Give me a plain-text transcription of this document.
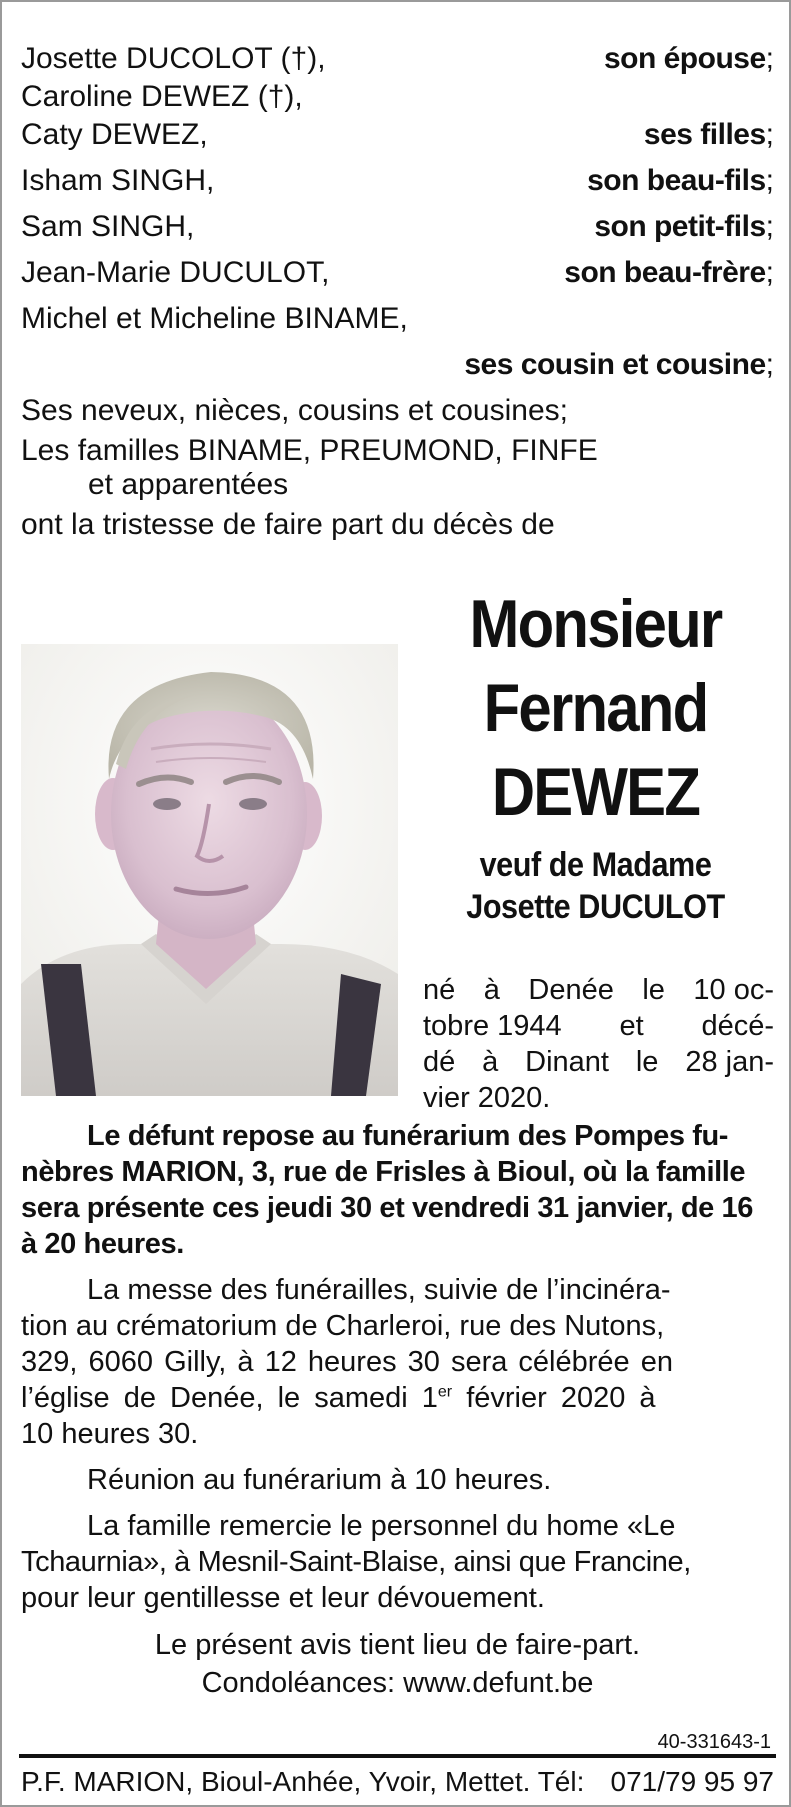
Josette DUCOLOT (†),	son épouse;
Caroline DEWEZ (†),
Caty DEWEZ,	ses filles;
Isham SINGH,	son beau-fils;
Sam SINGH,	son petit-fils;
Jean-Marie DUCULOT,	son beau-frère;
Michel et Micheline BINAME,
ses cousin et cousine;
Ses neveux, nièces, cousins et cousines;
Les familles BINAME, PREUMOND, FINFE
et apparentées
ont la tristesse de faire part du décès de
Monsieur
Fernand
DEWEZ
veuf de Madame
Josette DUCULOT
né à Denée le 10 oc-
tobre 1944 et décé-
dé à Dinant le 28 jan-
vier 2020.
Le défunt repose au funérarium des Pompes fu-
nèbres MARION, 3, rue de Frisles à Bioul, où la famille
sera présente ces jeudi 30 et vendredi 31 janvier, de 16
à 20 heures.
La messe des funérailles, suivie de l’incinéra-
tion au crématorium de Charleroi, rue des Nutons,
329, 6060 Gilly, à 12 heures 30 sera célébrée en
l’église de Denée, le samedi 1er février 2020 à
10 heures 30.
Réunion au funérarium à 10 heures.
La famille remercie le personnel du home «Le
Tchaurnia», à Mesnil-Saint-Blaise, ainsi que Francine,
pour leur gentillesse et leur dévouement.
Le présent avis tient lieu de faire-part.
Condoléances: www.defunt.be
40-331643-1
P.F. MARION, Bioul-Anhée, Yvoir, Mettet. Tél: 071/79 95 97
